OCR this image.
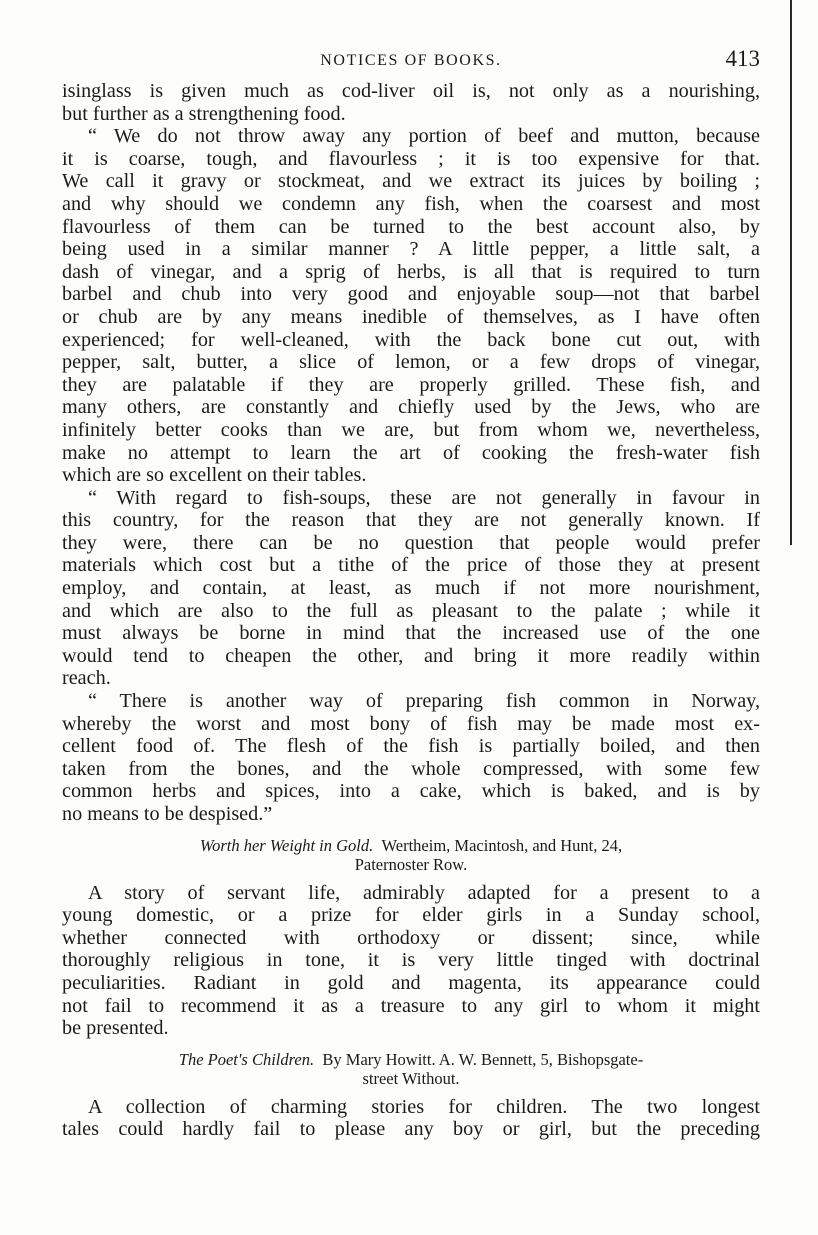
NOTICES OF BOOKS.	413

isinglass is given much as cod-liver oil is, not only as a nourishing,

but further as a strengthening food.

“ We do not throw away any portion of beef and mutton, because

it is coarse, tough, and flavourless ; it is too expensive for that.

We call it gravy or stockmeat, and we extract its juices by boiling ;

and why should we condemn any fish, when the coarsest and most

flavourless of them can be turned to the best account also, by

being used in a similar manner ? A little pepper, a little salt, a

dash of vinegar, and a sprig of herbs, is all that is required to turn

barbel and chub into very good and enjoyable soup—not that barbel

or chub are by any means inedible of themselves, as I have often

experienced; for well-cleaned, with the back bone cut out, with

pepper, salt, butter, a slice of lemon, or a few drops of vinegar,

they are palatable if they are properly grilled. These fish, and

many others, are constantly and chiefly used by the Jews, who are

infinitely better cooks than we are, but from whom we, nevertheless,

make no attempt to learn the art of cooking the fresh-water fish

which are so excellent on their tables.

“ With regard to fish-soups, these are not generally in favour in

this country, for the reason that they are not generally known. If

they were, there can be no question that people would prefer

materials which cost but a tithe of the price of those they at present

employ, and contain, at least, as much if not more nourishment,

and which are also to the full as pleasant to the palate ; while it

must always be borne in mind that the increased use of the one

would tend to cheapen the other, and bring it more readily within

reach.

“ There is another way of preparing fish common in Norway,

whereby the worst and most bony of fish may be made most ex-

cellent food of. The flesh of the fish is partially boiled, and then

taken from the bones, and the whole compressed, with some few

common herbs and spices, into a cake, which is baked, and is by

no means to be despised.”

Worth her Weight in Gold. Wertheim, Macintosh, and Hunt, 24,
Paternoster Row.

A story of servant life, admirably adapted for a present to a

young domestic, or a prize for elder girls in a Sunday school,

whether connected with orthodoxy or dissent; since, while

thoroughly religious in tone, it is very little tinged with doctrinal

peculiarities. Radiant in gold and magenta, its appearance could

not fail to recommend it as a treasure to any girl to whom it might

be presented.

The Poet's Children. By Mary Howitt. A. W. Bennett, 5, Bishopsgate-
street Without.

A collection of charming stories for children. The two longest

tales could hardly fail to please any boy or girl, but the preceding
